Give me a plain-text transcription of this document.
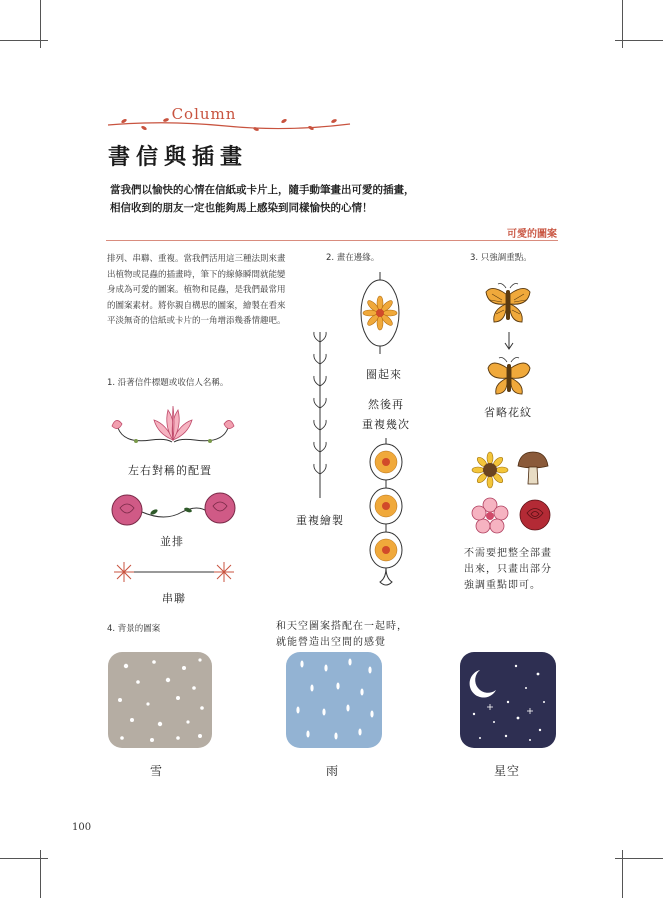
Column
書信與插畫
當我們以愉快的心情在信紙或卡片上，隨手動筆畫出可愛的插畫，
相信收到的朋友一定也能夠馬上感染到同樣愉快的心情！
可愛的圖案
排列、串聯、重複。當我們活用這三種法則來畫出植物或昆蟲的插畫時，筆下的線條瞬間就能變身成為可愛的圖案。植物和昆蟲，是我們最常用的圖案素材。將你親自構思的圖案，繪製在看來平淡無奇的信紙或卡片的一角增添幾番情趣吧。
1. 沿著信件標題或收信人名稱。
左右對稱的配置
並排
串聯
2. 畫在邊緣。
重複繪製
圈起來
然後再
重複幾次
3. 只強調重點。
省略花紋
不需要把整全部畫
出來，只畫出部分
強調重點即可。
4. 背景的圖案	和天空圖案搭配在一起時，
就能營造出空間的感覺
雪	雨	星空
100
